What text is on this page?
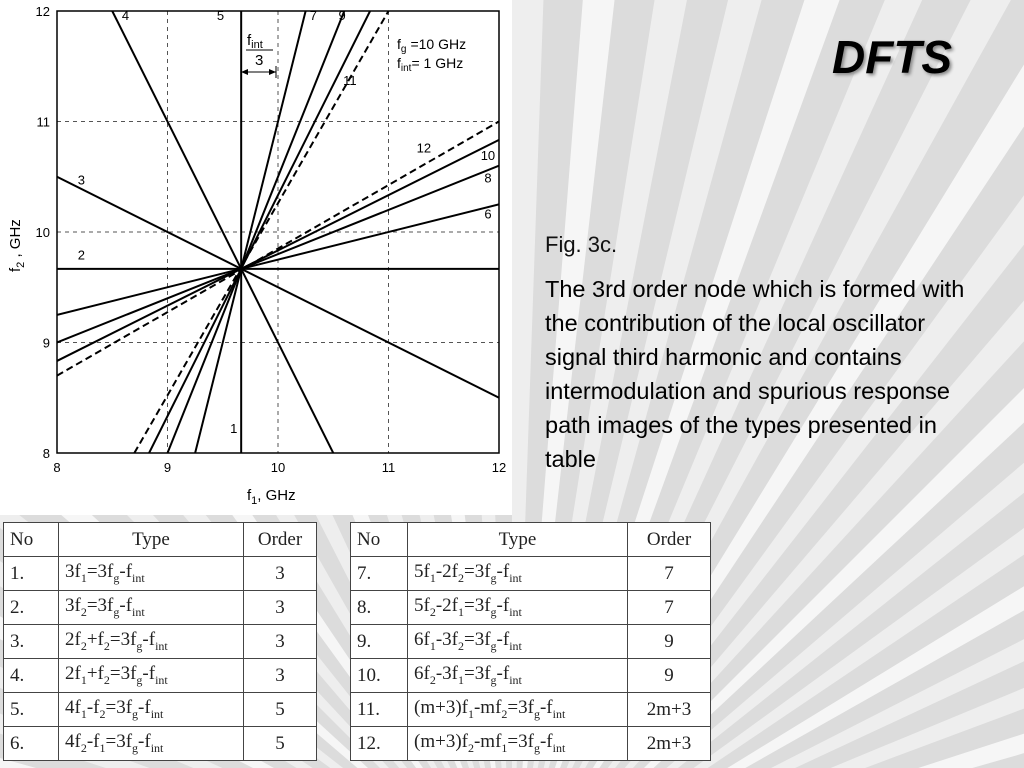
8	9	10	11	12
8
9
10
11
12
1
2
3
4	5
6
7
8
9
10
11
12
$f_g =10$ GHz
$f_{int}= 1$ GHz
$f_{int}$
3
$f_1$, GHz
$f_2$ , GHz
DFTS
Fig. 3c.
The 3rd order node which is formed with the contribution of the local oscillator signal third harmonic and contains intermodulation and spurious response path images of the types presented in table
No	Type	Order
1.	$3f_1=3f_g-f_{int}$	3
2.	$3f_2=3f_g-f_{int}$	3
3.	$2f_2+f_2=3f_g-f_{int}$	3
4.	$2f_1+f_2=3f_g-f_{int}$	3
5.	$4f_1-f_2=3f_g-f_{int}$	5
6.	$4f_2-f_1=3f_g-f_{int}$	5
No	Type	Order
7.	$5f_1-2f_2=3f_g-f_{int}$	7
8.	$5f_2-2f_1=3f_g-f_{int}$	7
9.	$6f_1-3f_2=3f_g-f_{int}$	9
10.	$6f_2-3f_1=3f_g-f_{int}$	9
11.	$(m+3)f_1-mf_2=3f_g-f_{int}$	2m+3
12.	$(m+3)f_2-mf_1=3f_g-f_{int}$	2m+3
